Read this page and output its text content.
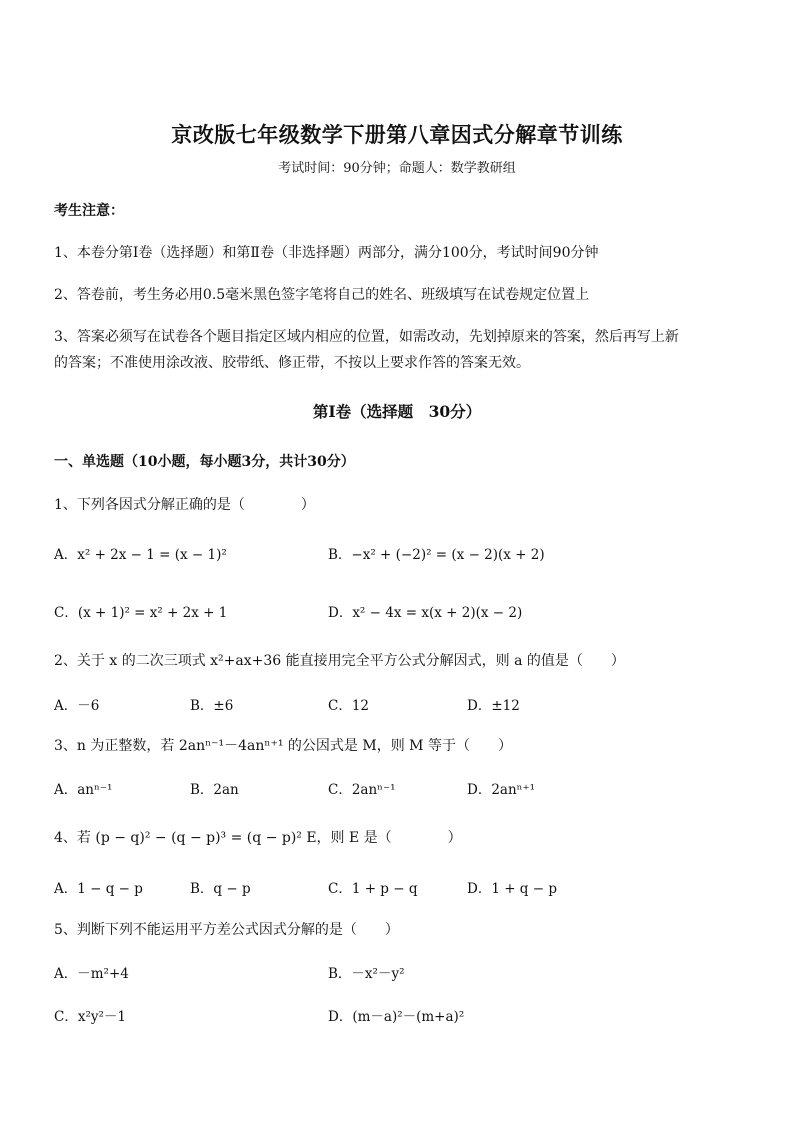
京改版七年级数学下册第八章因式分解章节训练
考试时间：90分钟；命题人：数学教研组
考生注意：
1、本卷分第Ⅰ卷（选择题）和第Ⅱ卷（非选择题）两部分，满分100分，考试时间90分钟
2、答卷前，考生务必用0.5毫米黑色签字笔将自己的姓名、班级填写在试卷规定位置上
3、答案必须写在试卷各个题目指定区域内相应的位置，如需改动，先划掉原来的答案，然后再写上新
的答案；不准使用涂改液、胶带纸、修正带，不按以上要求作答的答案无效。
第Ⅰ卷（选择题　30分）
一、单选题（10小题，每小题3分，共计30分）
1、下列各因式分解正确的是（　　　　）
A．x² + 2x − 1 = (x − 1)²	B．−x² + (−2)² = (x − 2)(x + 2)
C．(x + 1)² = x² + 2x + 1	D．x² − 4x = x(x + 2)(x − 2)
2、关于 x 的二次三项式 x²+ax+36 能直接用完全平方公式分解因式，则 a 的值是（　　）
A．－6	B．±6	C．12	D．±12
3、n 为正整数，若 2anⁿ⁻¹－4anⁿ⁺¹ 的公因式是 M，则 M 等于（　　）
A．anⁿ⁻¹	B．2an	C．2anⁿ⁻¹	D．2anⁿ⁺¹
4、若 (p − q)² − (q − p)³ = (q − p)² E，则 E 是（　　　　）
A．1 − q − p	B．q − p	C．1 + p − q	D．1 + q − p
5、判断下列不能运用平方差公式因式分解的是（　　）
A．－m²+4	B．－x²－y²
C．x²y²－1	D．(m－a)²－(m+a)²
